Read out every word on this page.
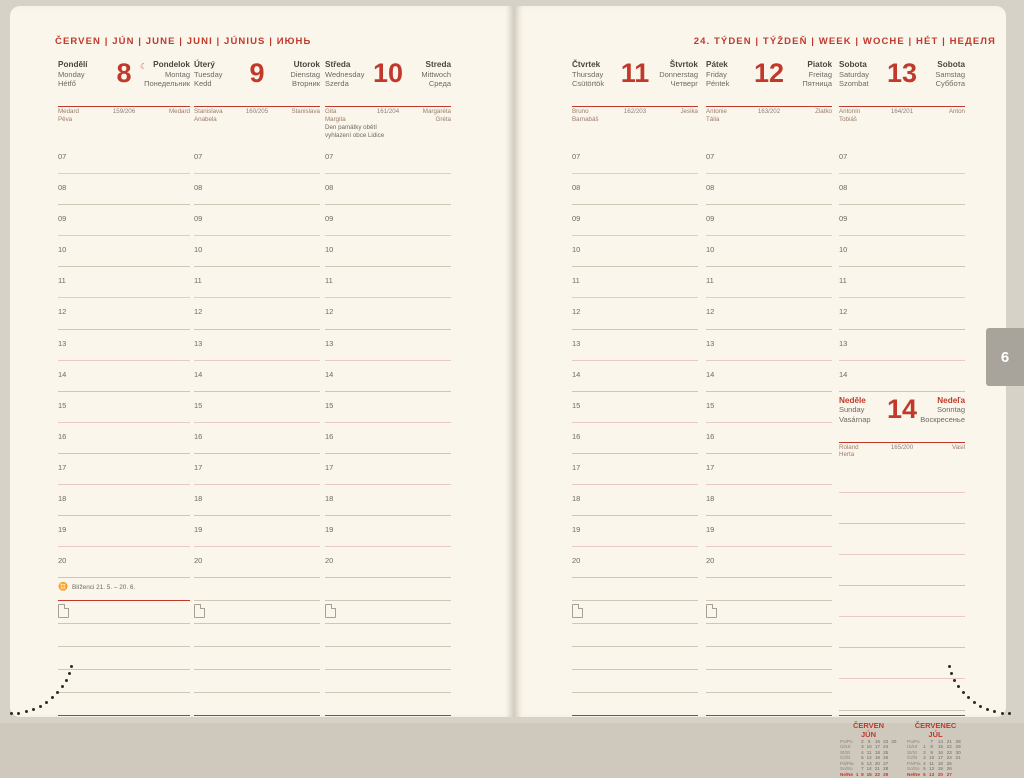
6
ČERVEN | JÚN | JUNE | JUNI | JÚNIUS | ИЮНЬ	24. TÝDEN | TÝŽDEŇ | WEEK | WOCHE | HÉT | НЕДЕЛЯ
Pondělí
Monday
Hétfő	8	Pondelok
Montag
Понедельник
☾
Medard
Pěva
159/206	Medard
07
08
09
10
11
12
13
14
15
16
17
18
19
20
♊ Blíženci 21. 5. – 20. 6.
Úterý
Tuesday
Kedd	9	Utorok
Dienstag
Вторник
Stanislava
Anabela
160/205	Stanislava
07
08
09
10
11
12
13
14
15
16
17
18
19
20
Středa
Wednesday
Szerda 10	Streda
Mittwoch
Среда
Gita
Margita
161/204	Margaréta
Gréta
Den památky obětí
vyhlazení obce Lidice
07
08
09
10
11
12
13
14
15
16
17
18
19
20
Čtvrtek
Thursday
Csütörtök 11	Štvrtok
Donnerstag
Четверг
Bruno
Barnabáš
162/203	Jesika
07
08
09
10
11
12
13
14
15
16
17
18
19
20
Pátek
Friday
Péntek 12	Piatok
Freitag
Пятница
Antonie
Tália
163/202	Zlatko
07
08
09
10
11
12
13
14
15
16
17
18
19
20
Sobota
Saturday
Szombat 13 Sobota
Samstag
Суббота
Antonín
Tobiáš
164/201	Anton
07
08
09
10
11
12
13
14
Neděle
Sunday
Vasárnap 14	Nedeľa
Sonntag
Воскресенье
Roland
Herta
165/200	Vasil
ČERVEN
JÚN
Po/Po		2	9	16	23	30
Út/Ut		3	10	17	24	
St/St		4	11	18	25	
Čt/Št		5	12	19	26	
Pá/Pia		6	13	20	27	
So/So		7	14	21	28	
Ne/Ne	1	8	15	22	29	
ČERVENEC
JÚL
Po/Po		7	14	21	28	
Út/Ut	1	8	15	22	29	
St/St	2	9	16	23	30	
Čt/Št	3	10	17	24	31	
Pá/Pia	4	11	18	25		
So/So	5	12	19	26		
Ne/Ne	6	13	20	27		
